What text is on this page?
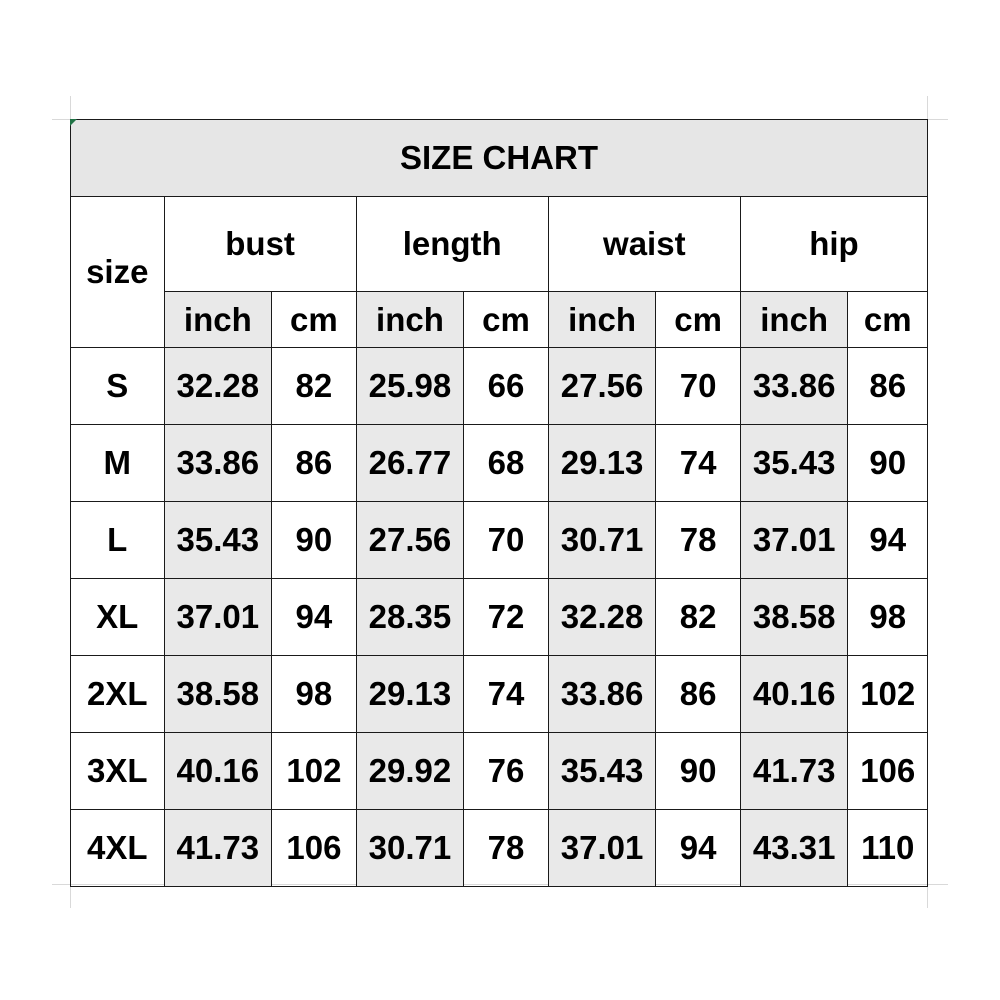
SIZE CHART								
size	bust		length		waist		hip	
	inch	cm	inch	cm	inch	cm	inch	cm
S	32.28	82	25.98	66	27.56	70	33.86	86
M	33.86	86	26.77	68	29.13	74	35.43	90
L	35.43	90	27.56	70	30.71	78	37.01	94
XL	37.01	94	28.35	72	32.28	82	38.58	98
2XL	38.58	98	29.13	74	33.86	86	40.16	102
3XL	40.16	102	29.92	76	35.43	90	41.73	106
4XL	41.73	106	30.71	78	37.01	94	43.31	110
